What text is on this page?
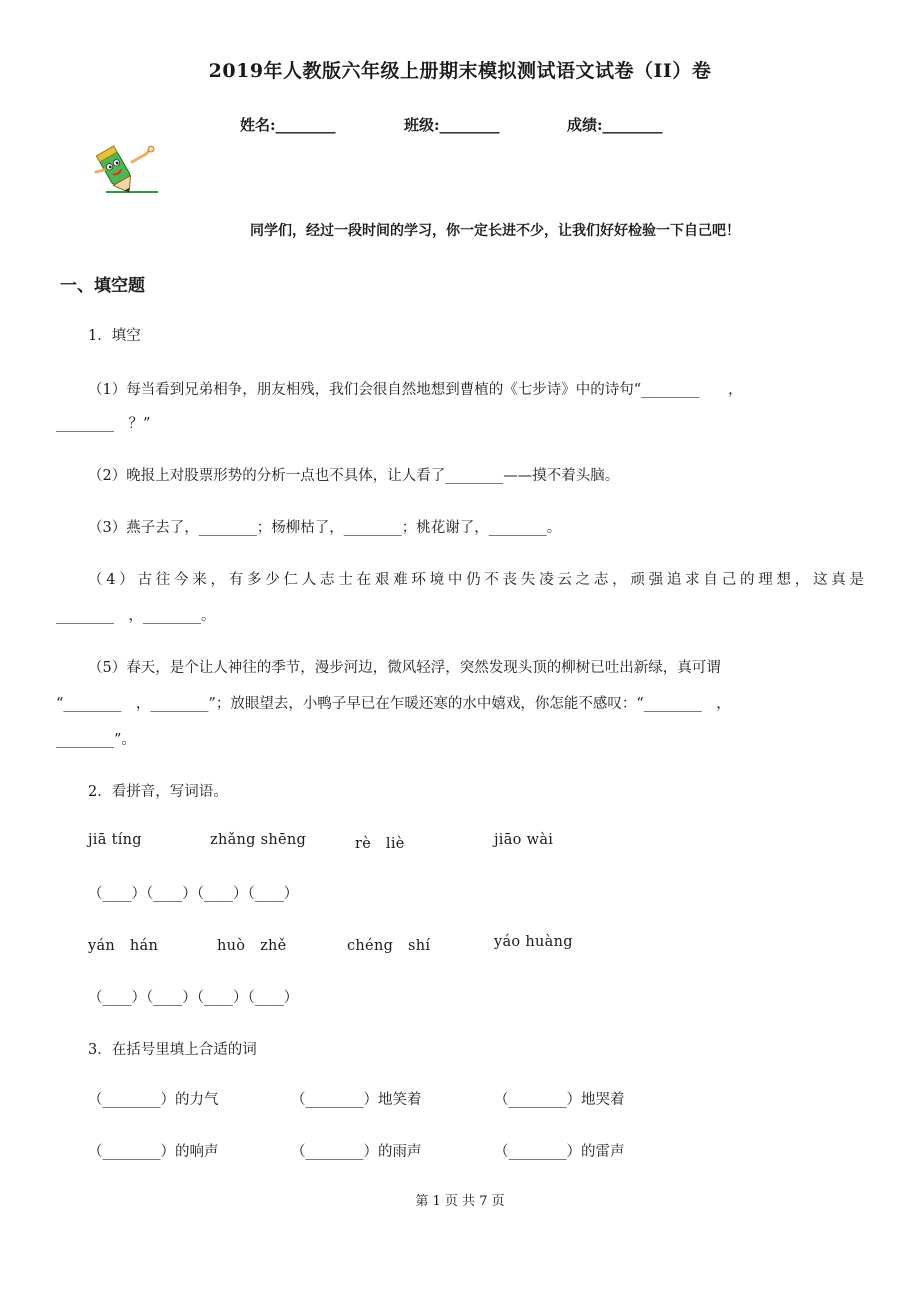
2019年人教版六年级上册期末模拟测试语文试卷（II）卷
姓名:________	班级:________	成绩:________
同学们，经过一段时间的学习，你一定长进不少，让我们好好检验一下自己吧！
一、填空题
1．填空
（1）每当看到兄弟相争，朋友相残，我们会很自然地想到曹植的《七步诗》中的诗句“________　　，
________　？”
（2）晚报上对股票形势的分析一点也不具体，让人看了________——摸不着头脑。
（3）燕子去了，________；杨柳枯了，________；桃花谢了，________。
（4）古往今来，有多少仁人志士在艰难环境中仍不丧失凌云之志，顽强追求自己的理想，这真是
________　，________。
（5）春天，是个让人神往的季节，漫步河边，微风轻浮，突然发现头顶的柳树已吐出新绿，真可谓
“________　，________”；放眼望去，小鸭子早已在乍暖还寒的水中嬉戏，你怎能不感叹：“________　，
________”。
2．看拼音，写词语。
jiā tíng	zhǎng shēng	rè　liè	jiāo wài
（____）（____）（____）（____）
yán　hán	huò　zhě	chéng　shí	yáo huàng
（____）（____）（____）（____）
3．在括号里填上合适的词
（________）的力气	（________）地笑着	（________）地哭着
（________）的响声	（________）的雨声	（________）的雷声
第 1 页 共 7 页
